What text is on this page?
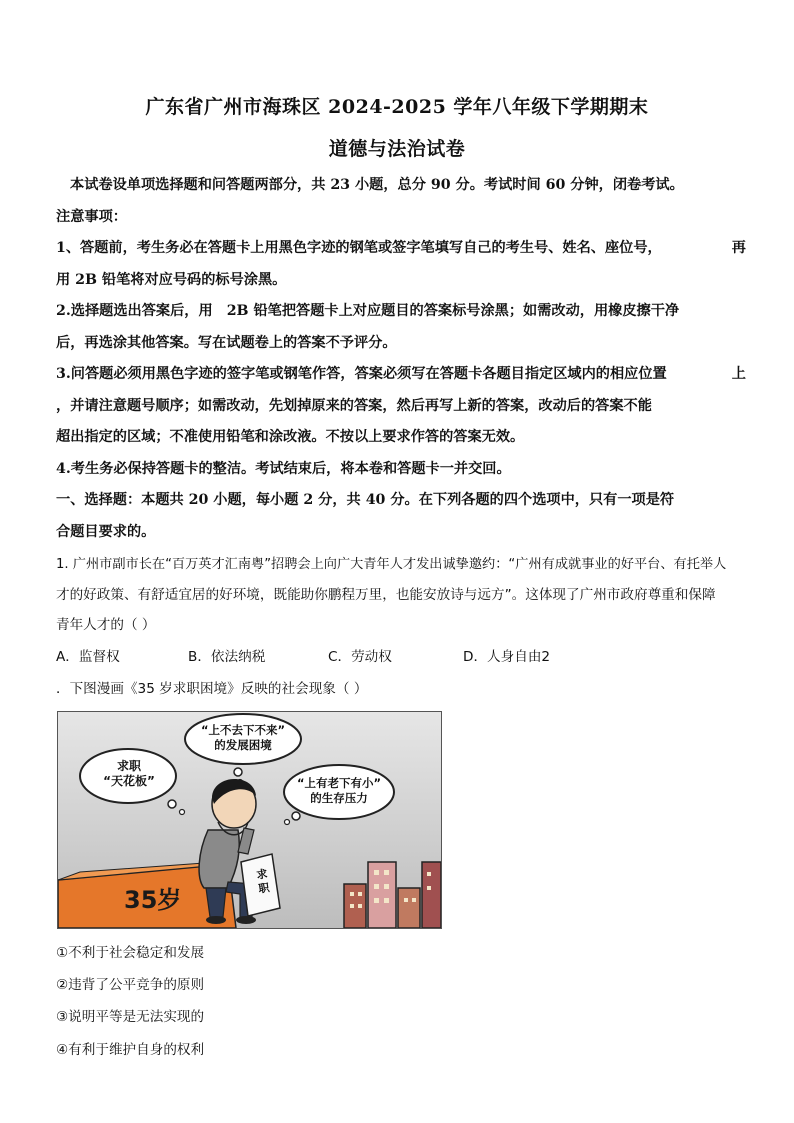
广东省广州市海珠区 2024-2025 学年八年级下学期期末
道德与法治试卷
本试卷设单项选择题和问答题两部分，共 23 小题，总分 90 分。考试时间 60 分钟，闭卷考试。
注意事项：
1、答题前，考生务必在答题卡上用黑色字迹的钢笔或签字笔填写自己的考生号、姓名、座位号，	再
用 2B 铅笔将对应号码的标号涂黑。
2.选择题选出答案后，用 2B 铅笔把答题卡上对应题目的答案标号涂黑；如需改动，用橡皮擦干净
后，再选涂其他答案。写在试题卷上的答案不予评分。
3.问答题必须用黑色字迹的签字笔或钢笔作答，答案必须写在答题卡各题目指定区域内的相应位置	上
，并请注意题号顺序；如需改动，先划掉原来的答案，然后再写上新的答案，改动后的答案不能
超出指定的区域；不准使用铅笔和涂改液。不按以上要求作答的答案无效。
4.考生务必保持答题卡的整洁。考试结束后，将本卷和答题卡一并交回。
一、选择题：本题共 20 小题，每小题 2 分，共 40 分。在下列各题的四个选项中，只有一项是符
合题目要求的。
1. 广州市副市长在“百万英才汇南粤”招聘会上向广大青年人才发出诚挚邀约：“广州有成就事业的好平台、有托举人
才的好政策、有舒适宜居的好环境，既能助你鹏程万里，也能安放诗与远方”。这体现了广州市政府尊重和保障
青年人才的（ ）
A．监督权	B．依法纳税	C．劳动权	D．人身自由2
．下图漫画《35 岁求职困境》反映的社会现象（ ）
求职
“天花板”
“上不去下不来”
的发展困境
“上有老下有小”
的生存压力
35岁
求
职
①不利于社会稳定和发展
②违背了公平竞争的原则
③说明平等是无法实现的
④有利于维护自身的权利
